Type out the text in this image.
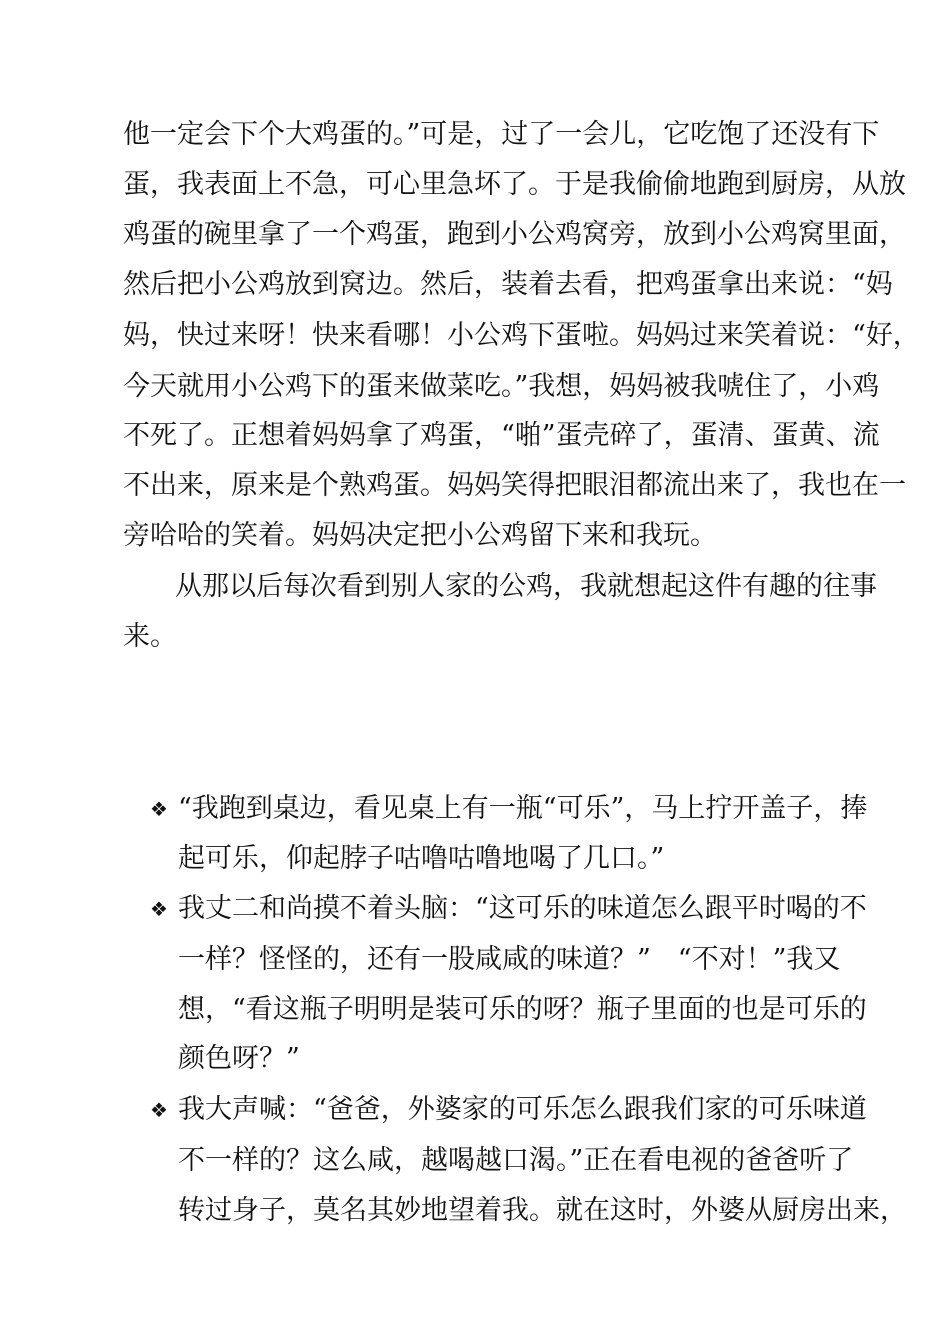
他一定会下个大鸡蛋的。”可是，过了一会儿，它吃饱了还没有下
蛋，我表面上不急，可心里急坏了。于是我偷偷地跑到厨房，从放
鸡蛋的碗里拿了一个鸡蛋，跑到小公鸡窝旁，放到小公鸡窝里面，
然后把小公鸡放到窝边。然后，装着去看，把鸡蛋拿出来说：“妈
妈，快过来呀！快来看哪！小公鸡下蛋啦。妈妈过来笑着说：“好，
今天就用小公鸡下的蛋来做菜吃。”我想，妈妈被我唬住了，小鸡
不死了。正想着妈妈拿了鸡蛋，“啪”蛋壳碎了，蛋清、蛋黄、流
不出来，原来是个熟鸡蛋。妈妈笑得把眼泪都流出来了，我也在一
旁哈哈的笑着。妈妈决定把小公鸡留下来和我玩。
从那以后每次看到别人家的公鸡，我就想起这件有趣的往事
来。
❖ “我跑到桌边，看见桌上有一瓶“可乐”，马上拧开盖子，捧
起可乐，仰起脖子咕噜咕噜地喝了几口。”
❖ 我丈二和尚摸不着头脑：“这可乐的味道怎么跟平时喝的不
一样？怪怪的，还有一股咸咸的味道？”　“不对！”我又
想，“看这瓶子明明是装可乐的呀？瓶子里面的也是可乐的
颜色呀？”
❖ 我大声喊：“爸爸，外婆家的可乐怎么跟我们家的可乐味道
不一样的？这么咸，越喝越口渴。”正在看电视的爸爸听了
转过身子，莫名其妙地望着我。就在这时，外婆从厨房出来，
